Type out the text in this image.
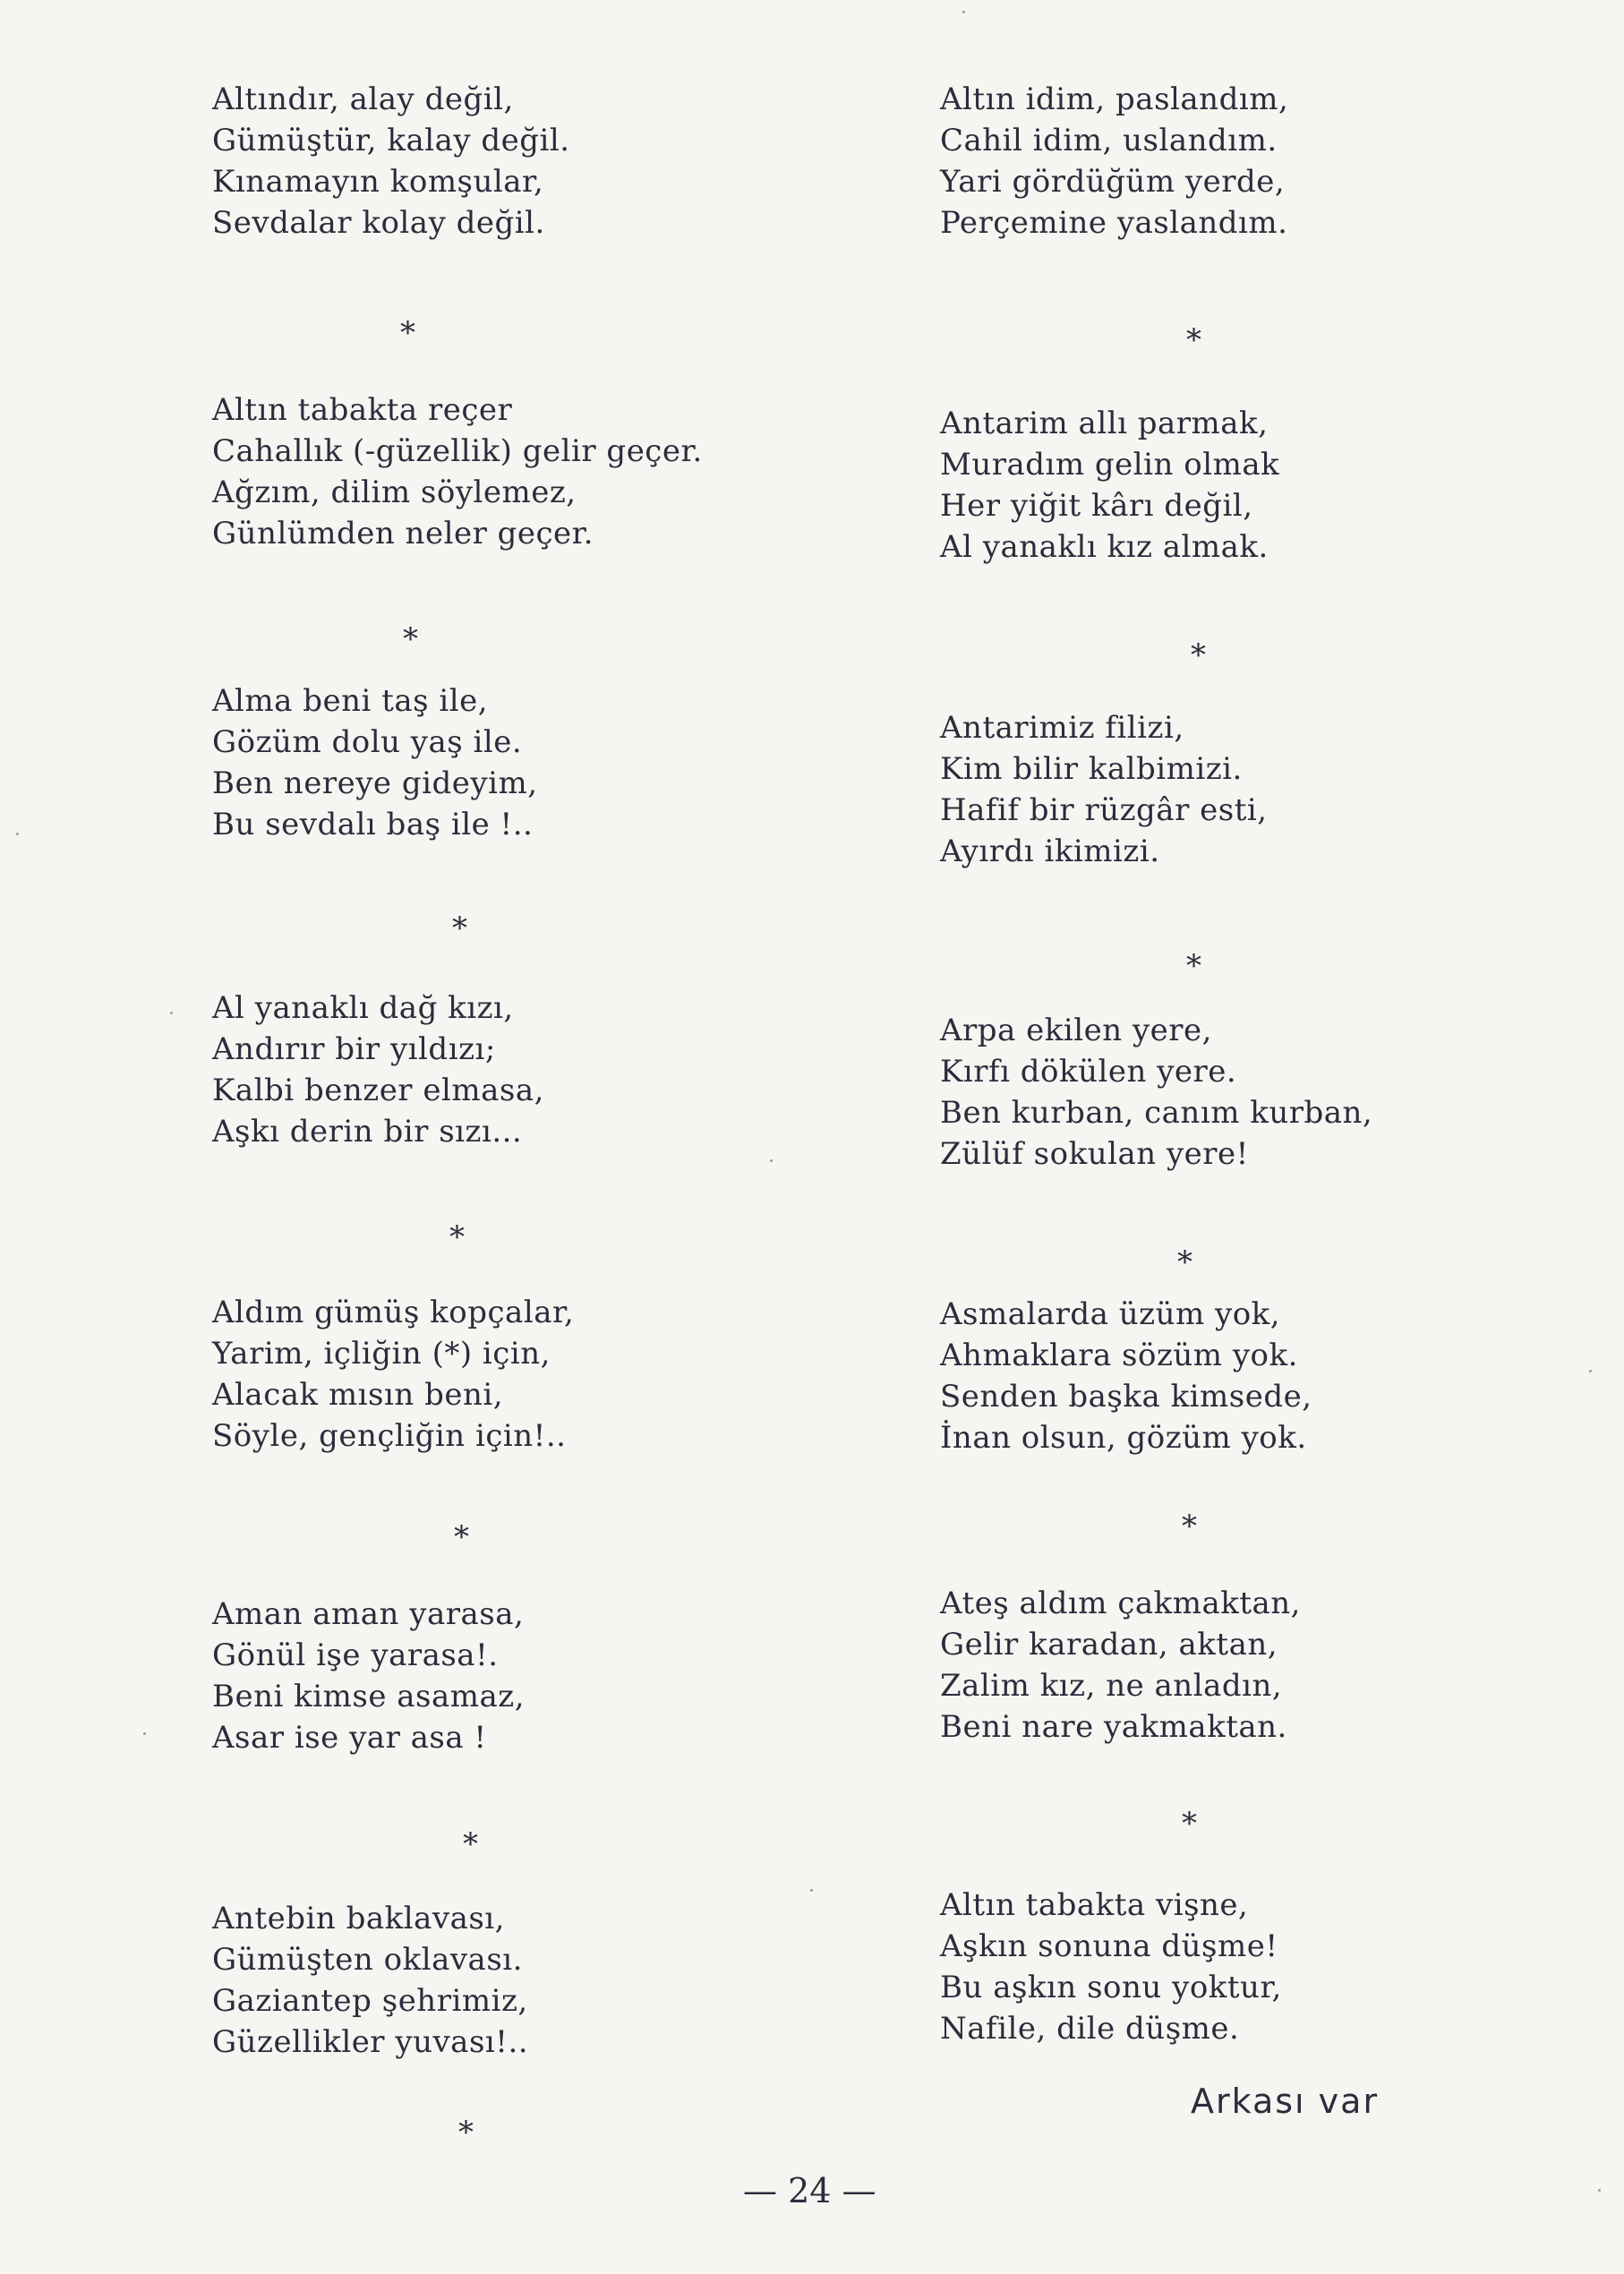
Altındır, alay değil,
Gümüştür, kalay değil.
Kınamayın komşular,
Sevdalar kolay değil.
*
Altın tabakta reçer
Cahallık (-güzellik) gelir geçer.
Ağzım, dilim söylemez,
Günlümden neler geçer.
*
Alma beni taş ile,
Gözüm dolu yaş ile.
Ben nereye gideyim,
Bu sevdalı baş ile !..
*
Al yanaklı dağ kızı,
Andırır bir yıldızı;
Kalbi benzer elmasa,
Aşkı derin bir sızı...
*
Aldım gümüş kopçalar,
Yarim, içliğin (*) için,
Alacak mısın beni,
Söyle, gençliğin için!..
*
Aman aman yarasa,
Gönül işe yarasa!.
Beni kimse asamaz,
Asar ise yar asa !
*
Antebin baklavası,
Gümüşten oklavası.
Gaziantep şehrimiz,
Güzellikler yuvası!..
*
Altın idim, paslandım,
Cahil idim, uslandım.
Yari gördüğüm yerde,
Perçemine yaslandım.
*
Antarim allı parmak,
Muradım gelin olmak
Her yiğit kârı değil,
Al yanaklı kız almak.
*
Antarimiz filizi,
Kim bilir kalbimizi.
Hafif bir rüzgâr esti,
Ayırdı ikimizi.
*
Arpa ekilen yere,
Kırfı dökülen yere.
Ben kurban, canım kurban,
Zülüf sokulan yere!
*
Asmalarda üzüm yok,
Ahmaklara sözüm yok.
Senden başka kimsede,
İnan olsun, gözüm yok.
*
Ateş aldım çakmaktan,
Gelir karadan, aktan,
Zalim kız, ne anladın,
Beni nare yakmaktan.
*
Altın tabakta vişne,
Aşkın sonuna düşme!
Bu aşkın sonu yoktur,
Nafile, dile düşme.
Arkası var
— 24 —
